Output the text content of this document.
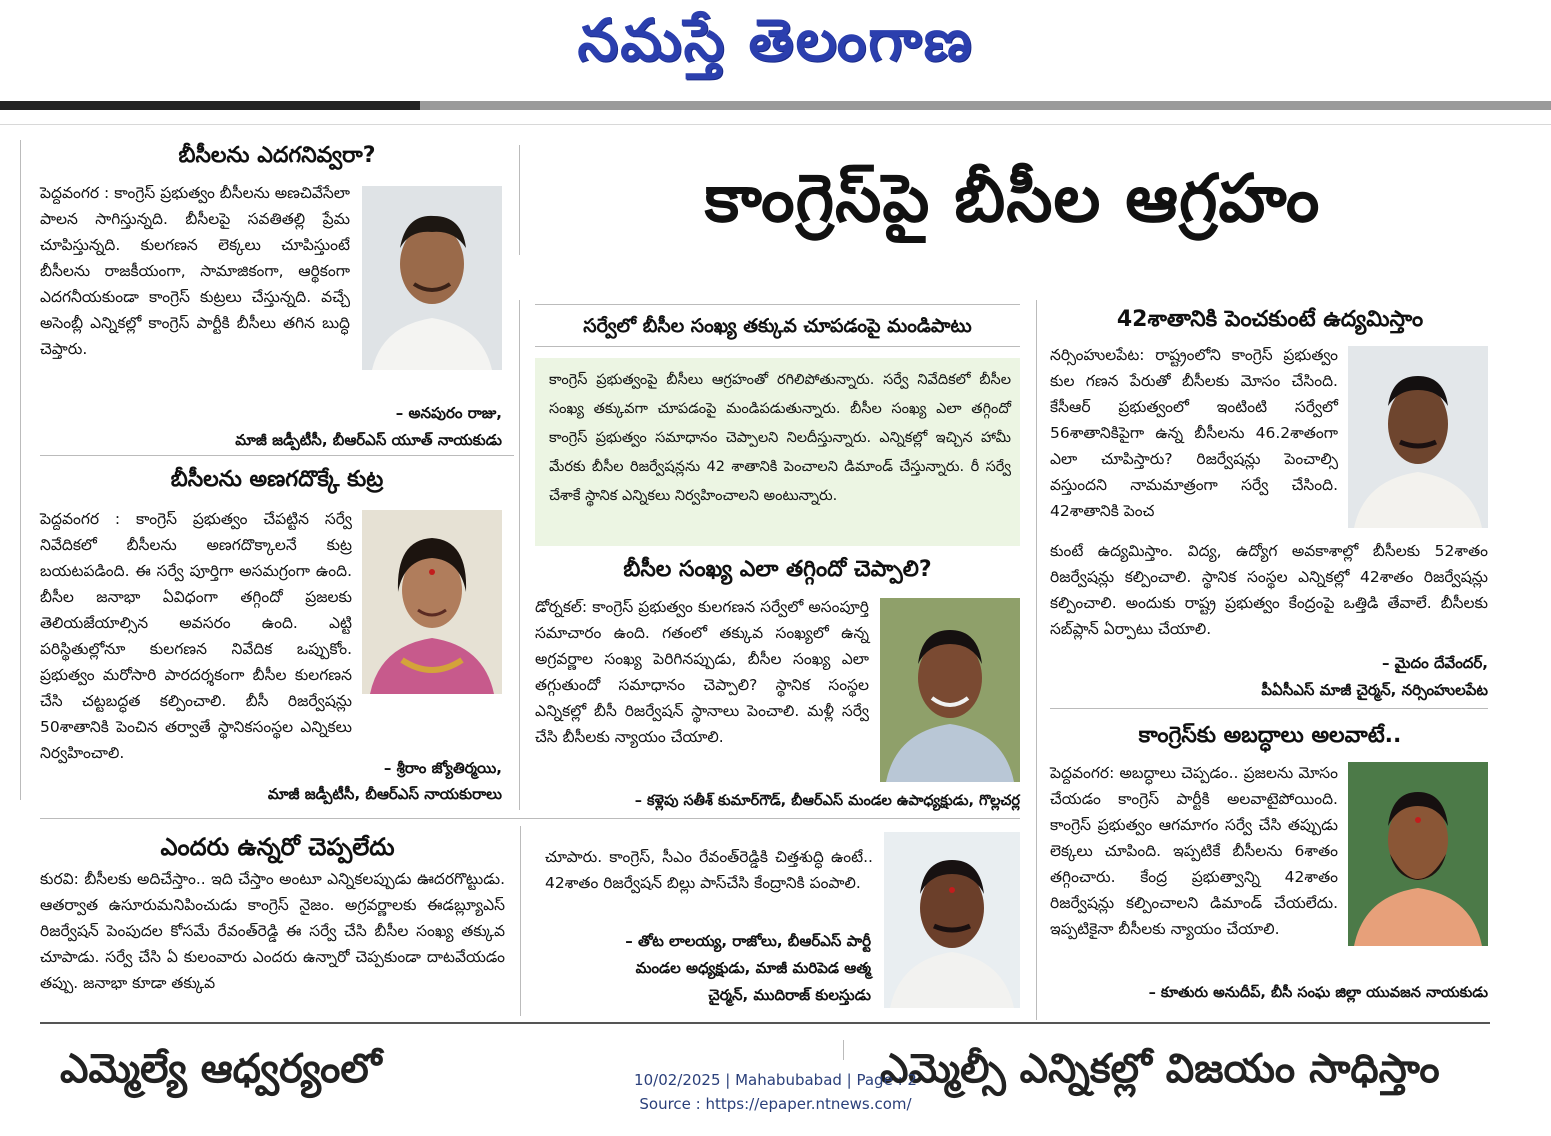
నమస్తే తెలంగాణ
కాంగ్రెస్‌పై బీసీల ఆగ్రహం
సర్వేలో బీసీల సంఖ్య తక్కువ చూపడంపై మండిపాటు
కాంగ్రెస్ ప్రభుత్వంపై బీసీలు ఆగ్రహంతో రగిలిపోతున్నారు. సర్వే నివేదికలో బీసీల సంఖ్య తక్కువగా చూపడంపై మండిపడుతున్నారు. బీసీల సంఖ్య ఎలా తగ్గిందో కాంగ్రెస్ ప్రభుత్వం సమాధానం చెప్పాలని నిలదీస్తున్నారు. ఎన్నికల్లో ఇచ్చిన హామీ మేరకు బీసీల రిజర్వేషన్లను 42 శాతానికి పెంచాలని డిమాండ్ చేస్తున్నారు. రీ సర్వే చేశాకే స్థానిక ఎన్నికలు నిర్వహించాలని అంటున్నారు.
బీసీలను ఎదగనివ్వరా?
పెద్దవంగర : కాంగ్రెస్ ప్రభుత్వం బీసీలను అణచివేసేలా పాలన సాగిస్తున్నది. బీసీలపై సవతితల్లి ప్రేమ చూపిస్తున్నది. కులగణన లెక్కలు చూపిస్తుంటే బీసీలను రాజకీయంగా, సామాజికంగా, ఆర్థికంగా ఎదగనీయకుండా కాంగ్రెస్ కుట్రలు చేస్తున్నది. వచ్చే అసెంబ్లీ ఎన్నికల్లో కాంగ్రెస్ పార్టీకి బీసీలు తగిన బుద్ధి చెప్తారు.
– అనపురం రాజు,
మాజీ జడ్పీటీసీ, బీఆర్ఎస్ యూత్ నాయకుడు
బీసీలను అణగదొక్కే కుట్ర
పెద్దవంగర : కాంగ్రెస్ ప్రభుత్వం చేపట్టిన సర్వే నివేదికలో బీసీలను అణగదొక్కాలనే కుట్ర బయటపడింది. ఈ సర్వే పూర్తిగా అసమగ్రంగా ఉంది. బీసీల జనాభా ఏవిధంగా తగ్గిందో ప్రజలకు తెలియజేయాల్సిన అవసరం ఉంది. ఎట్టి పరిస్థితుల్లోనూ కులగణన నివేదిక ఒప్పుకోం. ప్రభుత్వం మరోసారి పారదర్శకంగా బీసీల కులగణన చేసి చట్టబద్ధత కల్పించాలి. బీసీ రిజర్వేషన్లు 50శాతానికి పెంచిన తర్వాతే స్థానికసంస్థల ఎన్నికలు నిర్వహించాలి.
– శ్రీరాం జ్యోతిర్మయి,
మాజీ జడ్పీటీసీ, బీఆర్ఎస్ నాయకురాలు
బీసీల సంఖ్య ఎలా తగ్గిందో చెప్పాలి?
డోర్నకల్: కాంగ్రెస్ ప్రభుత్వం కులగణన సర్వేలో అసంపూర్తి సమాచారం ఉంది. గతంలో తక్కువ సంఖ్యలో ఉన్న అగ్రవర్ణాల సంఖ్య పెరిగినప్పుడు, బీసీల సంఖ్య ఎలా తగ్గుతుందో సమాధానం చెప్పాలి? స్థానిక సంస్థల ఎన్నికల్లో బీసీ రిజర్వేషన్ స్థానాలు పెంచాలి. మళ్లీ సర్వే చేసి బీసీలకు న్యాయం చేయాలి.
– కళ్లెపు సతీశ్ కుమార్‌గౌడ్, బీఆర్ఎస్ మండల ఉపాధ్యక్షుడు, గొల్లచర్ల
42శాతానికి పెంచకుంటే ఉద్యమిస్తాం
నర్సింహులపేట: రాష్ట్రంలోని కాంగ్రెస్ ప్రభుత్వం కుల గణన పేరుతో బీసీలకు మోసం చేసింది. కేసీఆర్ ప్రభుత్వంలో ఇంటింటి సర్వేలో 56శాతానికిపైగా ఉన్న బీసీలను 46.2శాతంగా ఎలా చూపిస్తారు? రిజర్వేషన్లు పెంచాల్సి వస్తుందని నామమాత్రంగా సర్వే చేసింది. 42శాతానికి పెంచ
కుంటే ఉద్యమిస్తాం. విద్య, ఉద్యోగ అవకాశాల్లో బీసీలకు 52శాతం రిజర్వేషన్లు కల్పించాలి. స్థానిక సంస్థల ఎన్నికల్లో 42శాతం రిజర్వేషన్లు కల్పించాలి. అందుకు రాష్ట్ర ప్రభుత్వం కేంద్రంపై ఒత్తిడి తేవాలే. బీసీలకు సబ్‌ప్లాన్ ఏర్పాటు చేయాలి.
– మైదం దేవేందర్,
పీఏసీఎస్ మాజీ చైర్మన్, నర్సింహులపేట
కాంగ్రెస్‌కు అబద్ధాలు అలవాటే..
పెద్దవంగర: అబద్ధాలు చెప్పడం.. ప్రజలను మోసం చేయడం కాంగ్రెస్ పార్టీకి అలవాటైపోయింది. కాంగ్రెస్ ప్రభుత్వం ఆగమాగం సర్వే చేసి తప్పుడు లెక్కలు చూపింది. ఇప్పటికే బీసీలను 6శాతం తగ్గించారు. కేంద్ర ప్రభుత్వాన్ని 42శాతం రిజర్వేషన్లు కల్పించాలని డిమాండ్ చేయలేదు. ఇప్పటికైనా బీసీలకు న్యాయం చేయాలి.
– కూతురు అనుదీప్, బీసీ సంఘ జిల్లా యువజన నాయకుడు
ఎందరు ఉన్నరో చెప్పలేదు
కురవి: బీసీలకు అదిచేస్తాం.. ఇది చేస్తాం అంటూ ఎన్నికలప్పుడు ఊదరగొట్టుడు. ఆతర్వాత ఉసూరుమనిపించుడు కాంగ్రెస్ నైజం. అగ్రవర్ణాలకు ఈడబ్ల్యూఎస్ రిజర్వేషన్ పెంపుదల కోసమే రేవంత్‌రెడ్డి ఈ సర్వే చేసి బీసీల సంఖ్య తక్కువ చూపాడు. సర్వే చేసి ఏ కులంవారు ఎందరు ఉన్నారో చెప్పకుండా దాటవేయడం తప్పు. జనాభా కూడా తక్కువ
చూపారు. కాంగ్రెస్, సీఎం రేవంత్‌రెడ్డికి చిత్తశుద్ధి ఉంటే.. 42శాతం రిజర్వేషన్ బిల్లు పాస్‌చేసి కేంద్రానికి పంపాలి.
– తోట లాలయ్య, రాజోలు, బీఆర్ఎస్ పార్టీ
మండల అధ్యక్షుడు, మాజీ మరిపెడ ఆత్మ
చైర్మన్, ముదిరాజ్ కులస్తుడు
ఎమ్మెల్యే ఆధ్వర్యంలో	ఎమ్మెల్సీ ఎన్నికల్లో విజయం సాధిస్తాం
10/02/2025 | Mahabubabad | Page : 2
Source : https://epaper.ntnews.com/
